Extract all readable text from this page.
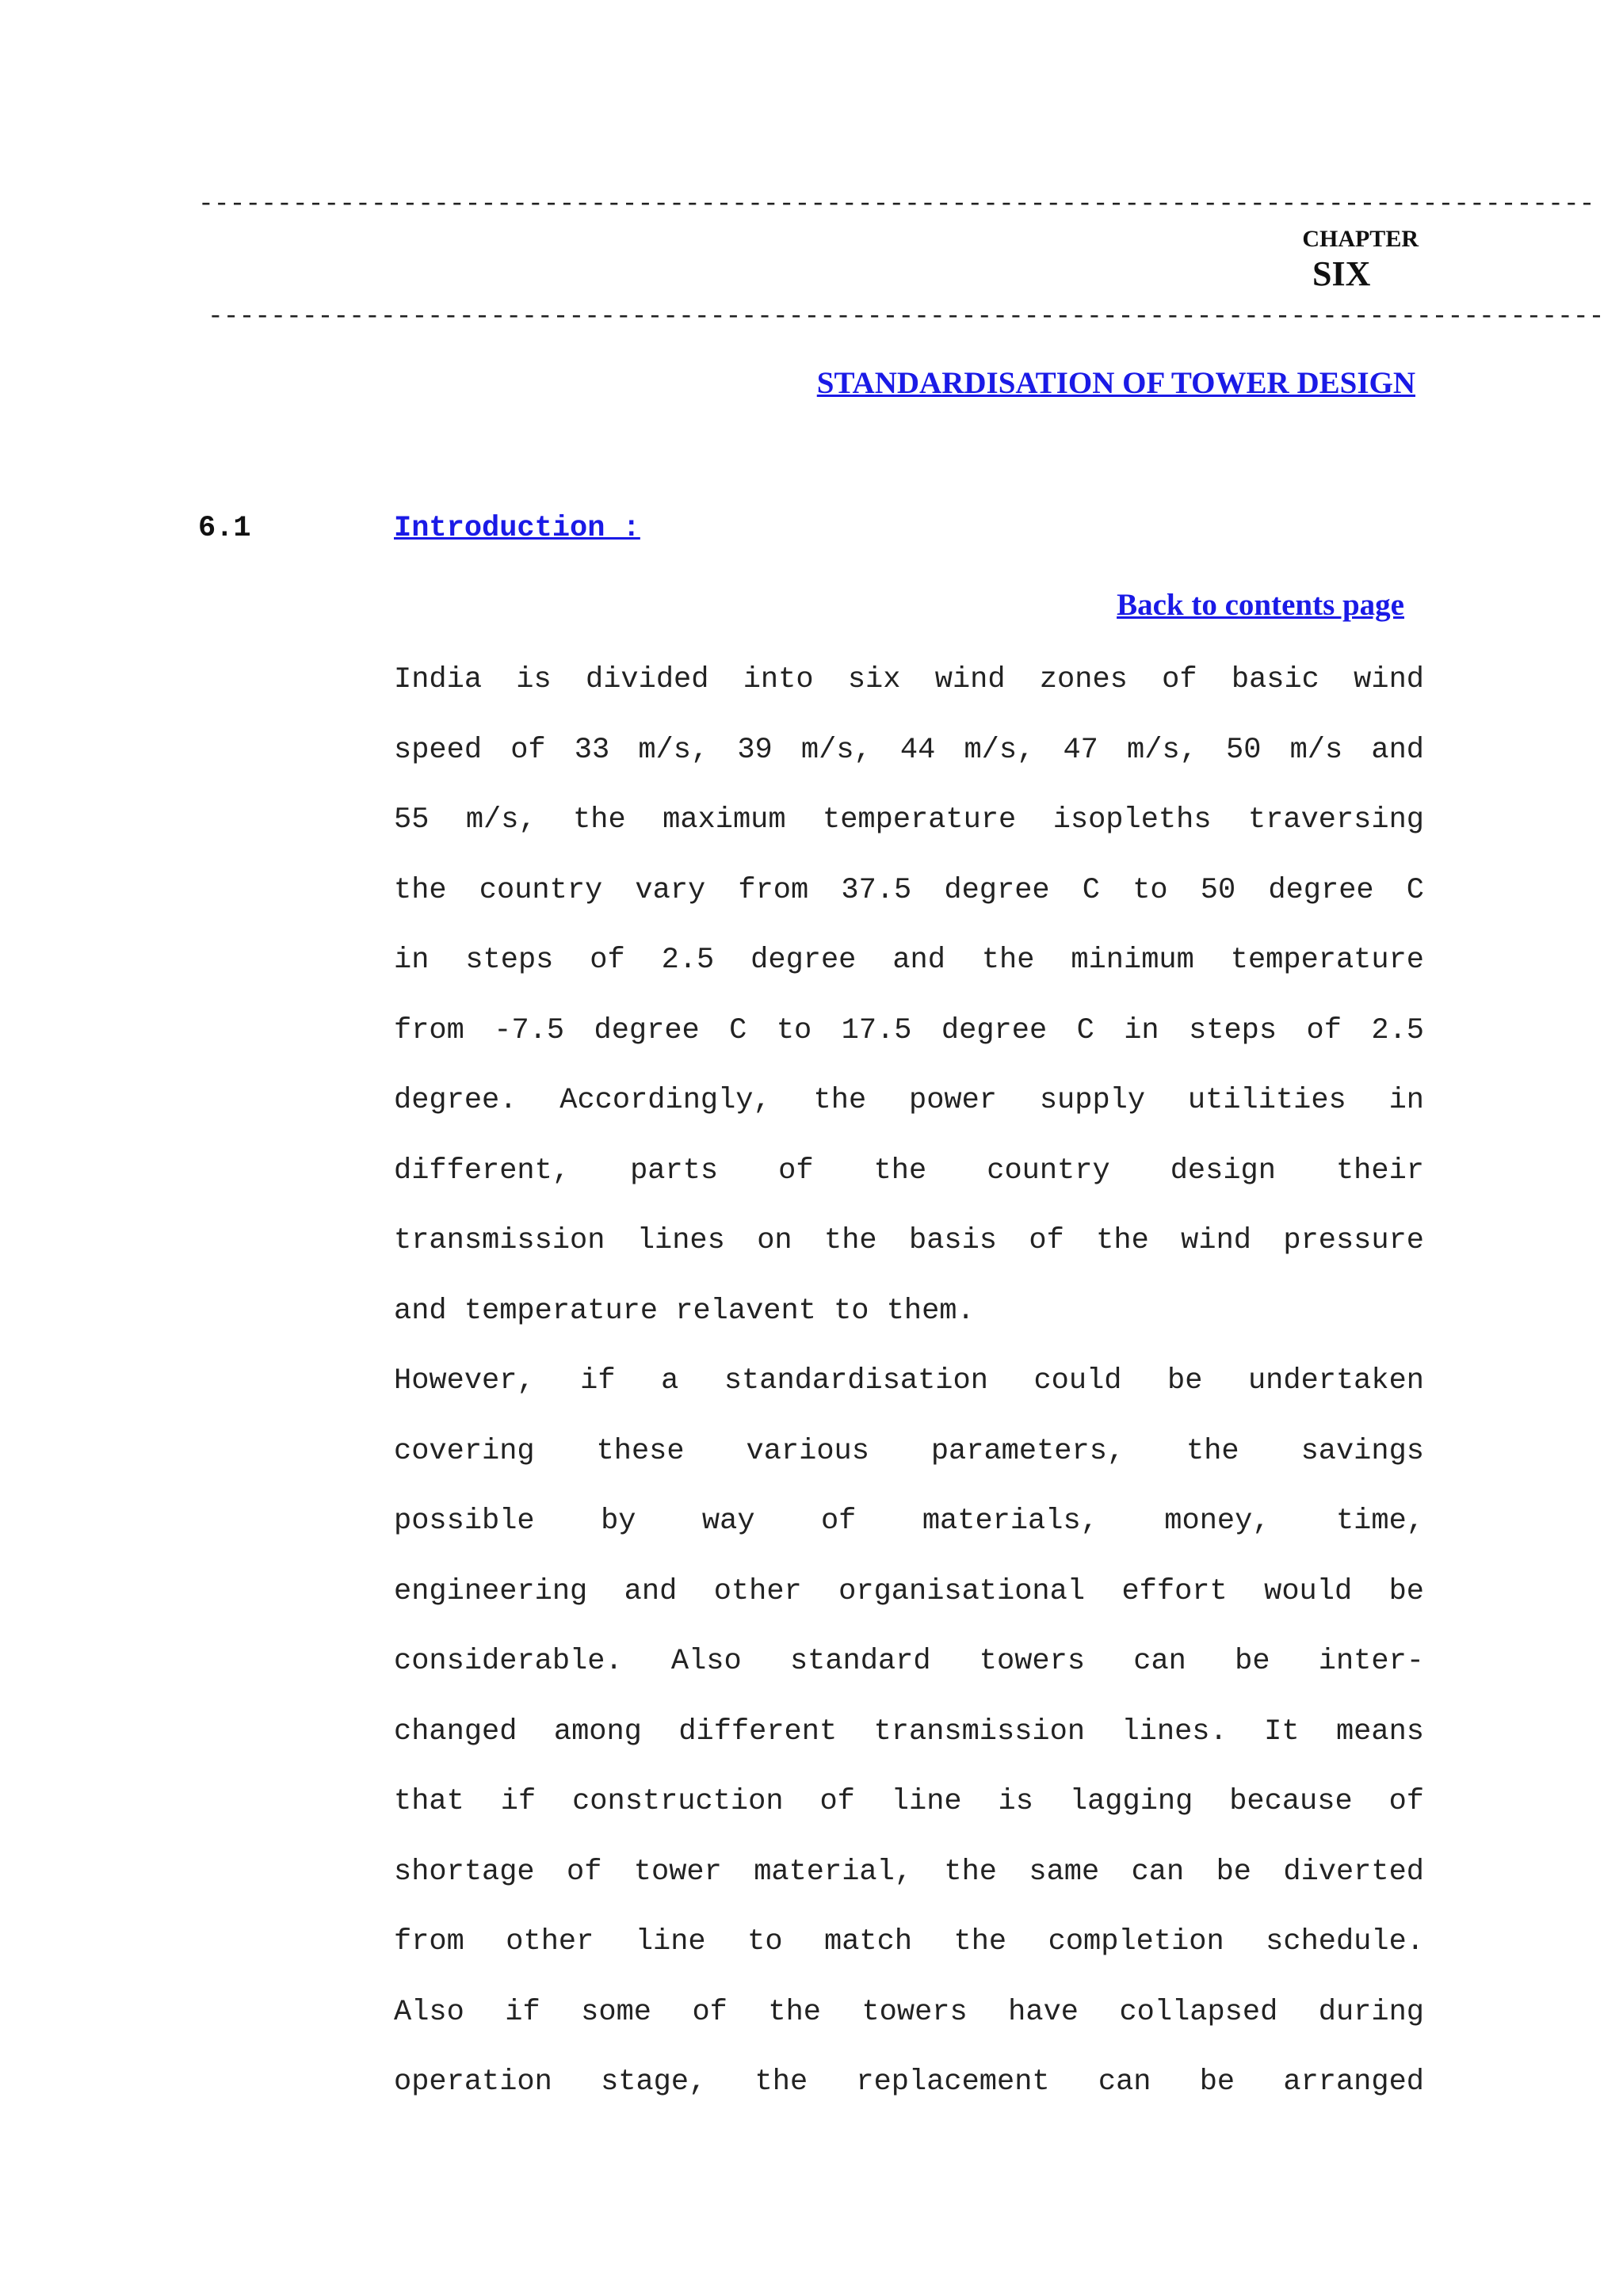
-----------------------------------------------------------------------------------------
CHAPTER
SIX
-----------------------------------------------------------------------------------------
STANDARDISATION OF TOWER DESIGN
6.1	Introduction :
Back to contents page
India is divided into six wind zones of basic wind
speed of 33 m/s, 39 m/s, 44 m/s, 47 m/s, 50 m/s and
55 m/s, the maximum temperature isopleths traversing
the country vary from 37.5 degree C to 50 degree C
in steps of 2.5 degree and the minimum temperature
from -7.5 degree C to 17.5 degree C in steps of 2.5
degree. Accordingly, the power supply utilities in
different, parts of the country design their
transmission lines on the basis of the wind pressure
and temperature relavent to them.
However, if a standardisation could be undertaken
covering these various parameters, the savings
possible by way of materials, money, time,
engineering and other organisational effort would be
considerable. Also standard towers can be inter-
changed among different transmission lines. It means
that if construction of line is lagging because of
shortage of tower material, the same can be diverted
from other line to match the completion schedule.
Also if some of the towers have collapsed during
operation stage, the replacement can be arranged
